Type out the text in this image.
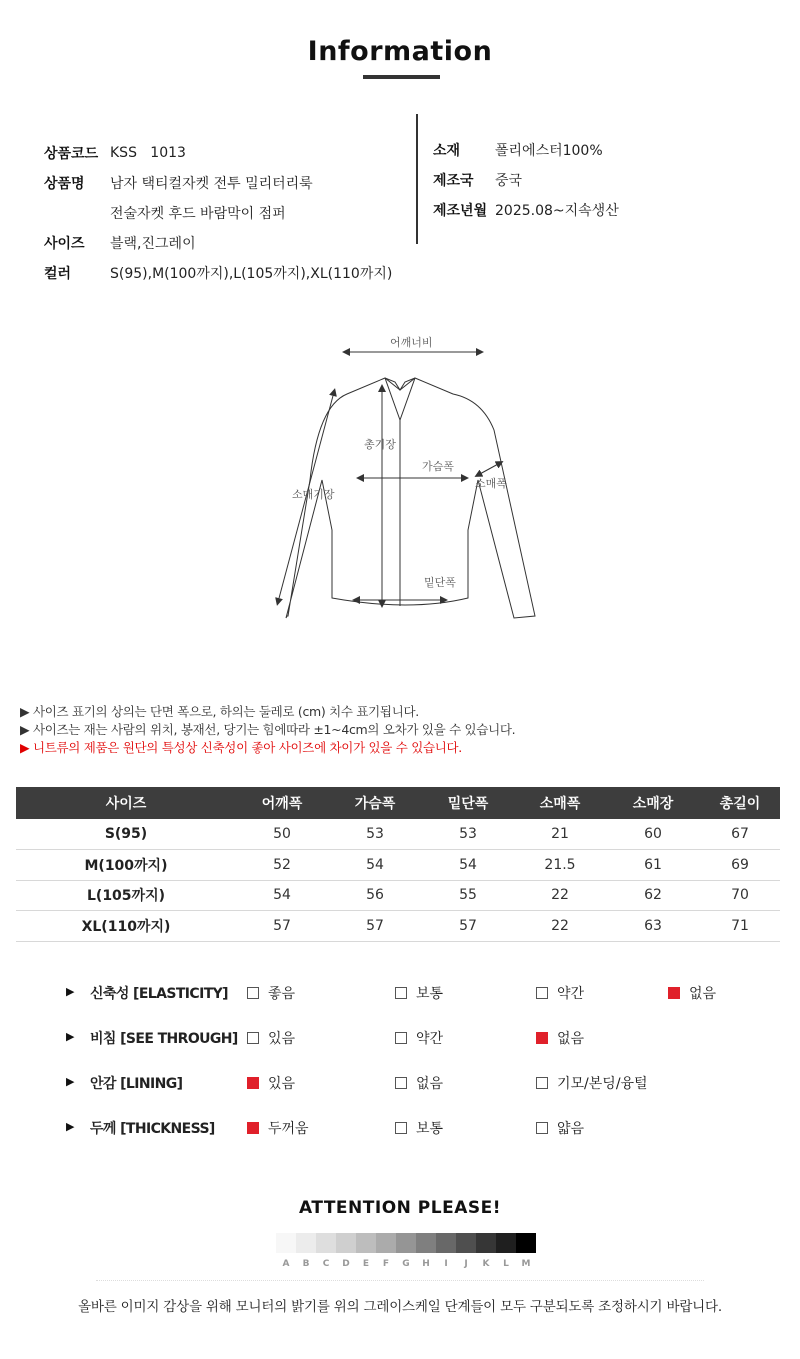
Information
상품코드 KSS   1013
상품명	남자 택티컬자켓 전투 밀리터리룩
전술자켓 후드 바람막이 점퍼
사이즈	블랙,진그레이
컬러	S(95),M(100까지),L(105까지),XL(110까지)
소재	폴리에스터100%
제조국	중국
제조년월 2025.08~지속생산
어깨너비
총기장
가슴폭
소매폭
소매기장
밑단폭
▶ 사이즈 표기의 상의는 단면 폭으로, 하의는 둘레로 (cm) 치수 표기됩니다.
▶ 사이즈는 재는 사람의 위치, 봉재선, 당기는 힘에따라 ±1~4cm의 오차가 있을 수 있습니다.
▶ 니트류의 제품은 원단의 특성상 신축성이 좋아 사이즈에 차이가 있을 수 있습니다.
사이즈	어깨폭	가슴폭	밑단폭	소매폭	소매장	총길이
S(95)	50	53	53	21	60	67
M(100까지)	52	54	54	21.5	61	69
L(105까지)	54	56	55	22	62	70
XL(110까지)	57	57	57	22	63	71
▶ 신축성 [ELASTICITY]	좋음	보통	약간	없음
▶ 비침 [SEE THROUGH] 있음	약간	없음
▶ 안감 [LINING]	있음	없음	기모/본딩/융털
▶ 두께 [THICKNESS]	두꺼움	보통	얇음
ATTENTION PLEASE!
A	B	C	D	E	F	G	H	I	J	K	L	M
올바른 이미지 감상을 위해 모니터의 밝기를 위의 그레이스케일 단계들이 모두 구분되도록 조정하시기 바랍니다.
